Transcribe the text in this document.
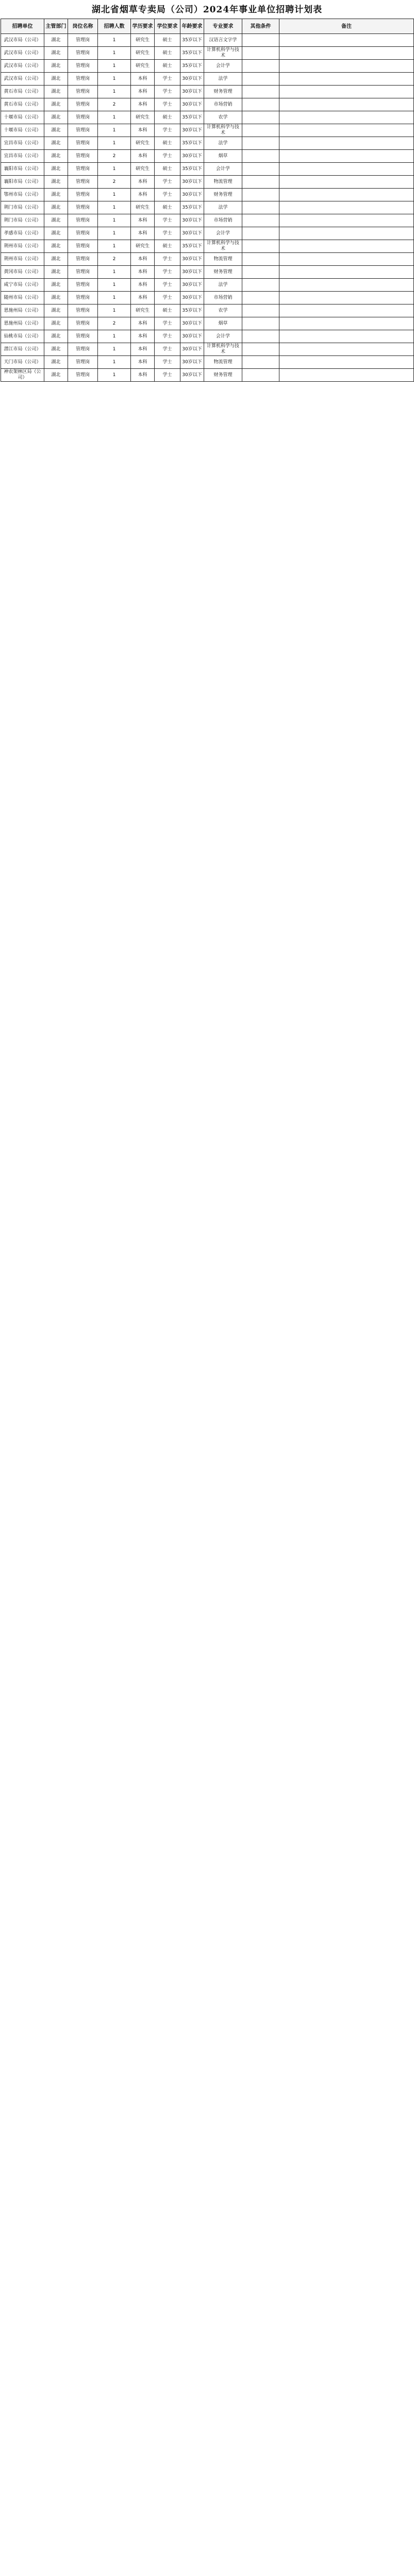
湖北省烟草专卖局（公司）2024年事业单位招聘计划表
招聘单位	主管部门	岗位名称	招聘人数	学历要求	学位要求	年龄要求	专业要求	其他条件	备注
武汉市局（公司）	湖北	管理岗	1	研究生	硕士	35岁以下	汉语言文字学		
武汉市局（公司）	湖北	管理岗	1	研究生	硕士	35岁以下	计算机科学与技术		
武汉市局（公司）	湖北	管理岗	1	研究生	硕士	35岁以下	会计学		
武汉市局（公司）	湖北	管理岗	1	本科	学士	30岁以下	法学		
黄石市局（公司）	湖北	管理岗	1	本科	学士	30岁以下	财务管理		
黄石市局（公司）	湖北	管理岗	2	本科	学士	30岁以下	市场营销		
十堰市局（公司）	湖北	管理岗	1	研究生	硕士	35岁以下	农学		
十堰市局（公司）	湖北	管理岗	1	本科	学士	30岁以下	计算机科学与技术		
宜昌市局（公司）	湖北	管理岗	1	研究生	硕士	35岁以下	法学		
宜昌市局（公司）	湖北	管理岗	2	本科	学士	30岁以下	烟草		
襄阳市局（公司）	湖北	管理岗	1	研究生	硕士	35岁以下	会计学		
襄阳市局（公司）	湖北	管理岗	2	本科	学士	30岁以下	物流管理		
鄂州市局（公司）	湖北	管理岗	1	本科	学士	30岁以下	财务管理		
荆门市局（公司）	湖北	管理岗	1	研究生	硕士	35岁以下	法学		
荆门市局（公司）	湖北	管理岗	1	本科	学士	30岁以下	市场营销		
孝感市局（公司）	湖北	管理岗	1	本科	学士	30岁以下	会计学		
荆州市局（公司）	湖北	管理岗	1	研究生	硕士	35岁以下	计算机科学与技术		
荆州市局（公司）	湖北	管理岗	2	本科	学士	30岁以下	物流管理		
黄冈市局（公司）	湖北	管理岗	1	本科	学士	30岁以下	财务管理		
咸宁市局（公司）	湖北	管理岗	1	本科	学士	30岁以下	法学		
随州市局（公司）	湖北	管理岗	1	本科	学士	30岁以下	市场营销		
恩施州局（公司）	湖北	管理岗	1	研究生	硕士	35岁以下	农学		
恩施州局（公司）	湖北	管理岗	2	本科	学士	30岁以下	烟草		
仙桃市局（公司）	湖北	管理岗	1	本科	学士	30岁以下	会计学		
潜江市局（公司）	湖北	管理岗	1	本科	学士	30岁以下	计算机科学与技术		
天门市局（公司）	湖北	管理岗	1	本科	学士	30岁以下	物流管理		
神农架林区局（公司）	湖北	管理岗	1	本科	学士	30岁以下	财务管理		
